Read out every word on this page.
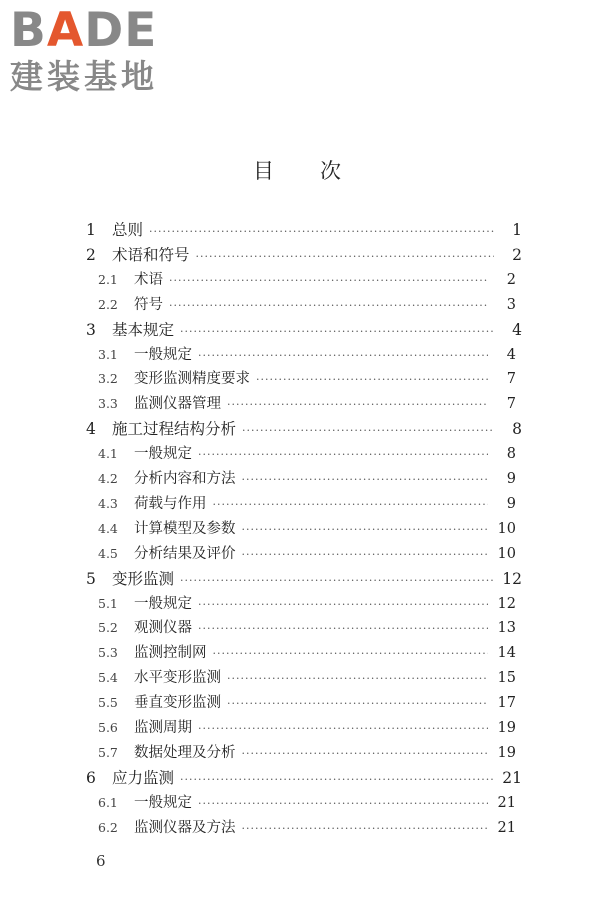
BADE
建装基地
目次
1	总则 ·····	1
2	术语和符号 ·····	2
2.1	术语 ·····	2
2.2	符号 ·····	3
3	基本规定 ·····	4
3.1	一般规定 ·····	4
3.2	变形监测精度要求 ·····	7
3.3	监测仪器管理 ·····	7
4	施工过程结构分析 ·····	8
4.1	一般规定 ·····	8
4.2	分析内容和方法 ·····	9
4.3	荷载与作用 ·····	9
4.4	计算模型及参数 ·····	10
4.5	分析结果及评价 ·····	10
5	变形监测 ·····	12
5.1	一般规定 ·····	12
5.2	观测仪器 ·····	13
5.3	监测控制网 ·····	14
5.4	水平变形监测 ·····	15
5.5	垂直变形监测 ·····	17
5.6	监测周期 ·····	19
5.7	数据处理及分析 ·····	19
6	应力监测 ·····	21
6.1	一般规定 ·····	21
6.2	监测仪器及方法 ·····	21
6
